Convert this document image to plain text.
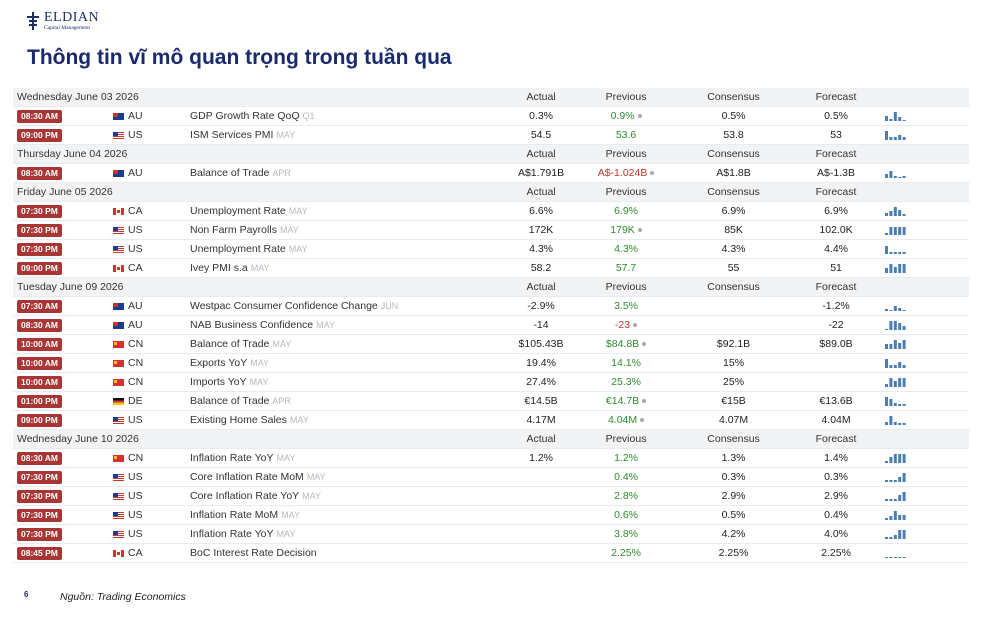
ELDIAN
Capital Management
Thông tin vĩ mô quan trọng trong tuần qua
Wednesday June 03 2026			Actual	Previous	Consensus	Forecast	
08:30 AM	AU	GDP Growth Rate QoQ Q1	0.3%	0.9%	0.5%	0.5%	

09:00 PM	US	ISM Services PMI MAY	54.5	53.6	53.8	53	

Thursday June 04 2026			Actual	Previous	Consensus	Forecast	
08:30 AM	AU	Balance of Trade APR	A$1.791B	A$-1.024B	A$1.8B	A$-1.3B	

Friday June 05 2026			Actual	Previous	Consensus	Forecast	
07:30 PM	CA	Unemployment Rate MAY	6.6%	6.9%	6.9%	6.9%	

07:30 PM	US	Non Farm Payrolls MAY	172K	179K	85K	102.0K	

07:30 PM	US	Unemployment Rate MAY	4.3%	4.3%	4.3%	4.4%	

09:00 PM	CA	Ivey PMI s.a MAY	58.2	57.7	55	51	

Tuesday June 09 2026			Actual	Previous	Consensus	Forecast	
07:30 AM	AU	Westpac Consumer Confidence Change JUN	-2.9%	3.5%		-1.2%	

08:30 AM	AU	NAB Business Confidence MAY	-14	-23		-22	

10:00 AM	CN	Balance of Trade MAY	$105.43B	$84.8B	$92.1B	$89.0B	

10:00 AM	CN	Exports YoY MAY	19.4%	14.1%	15%		

10:00 AM	CN	Imports YoY MAY	27.4%	25.3%	25%		

01:00 PM	DE	Balance of Trade APR	€14.5B	€14.7B	€15B	€13.6B	

09:00 PM	US	Existing Home Sales MAY	4.17M	4.04M	4.07M	4.04M	

Wednesday June 10 2026			Actual	Previous	Consensus	Forecast	
08:30 AM	CN	Inflation Rate YoY MAY	1.2%	1.2%	1.3%	1.4%	

07:30 PM	US	Core Inflation Rate MoM MAY		0.4%	0.3%	0.3%	

07:30 PM	US	Core Inflation Rate YoY MAY		2.8%	2.9%	2.9%	

07:30 PM	US	Inflation Rate MoM MAY		0.6%	0.5%	0.4%	

07:30 PM	US	Inflation Rate YoY MAY		3.8%	4.2%	4.0%	

08:45 PM	CA	BoC Interest Rate Decision		2.25%	2.25%	2.25%	
6	Nguồn: Trading Economics
